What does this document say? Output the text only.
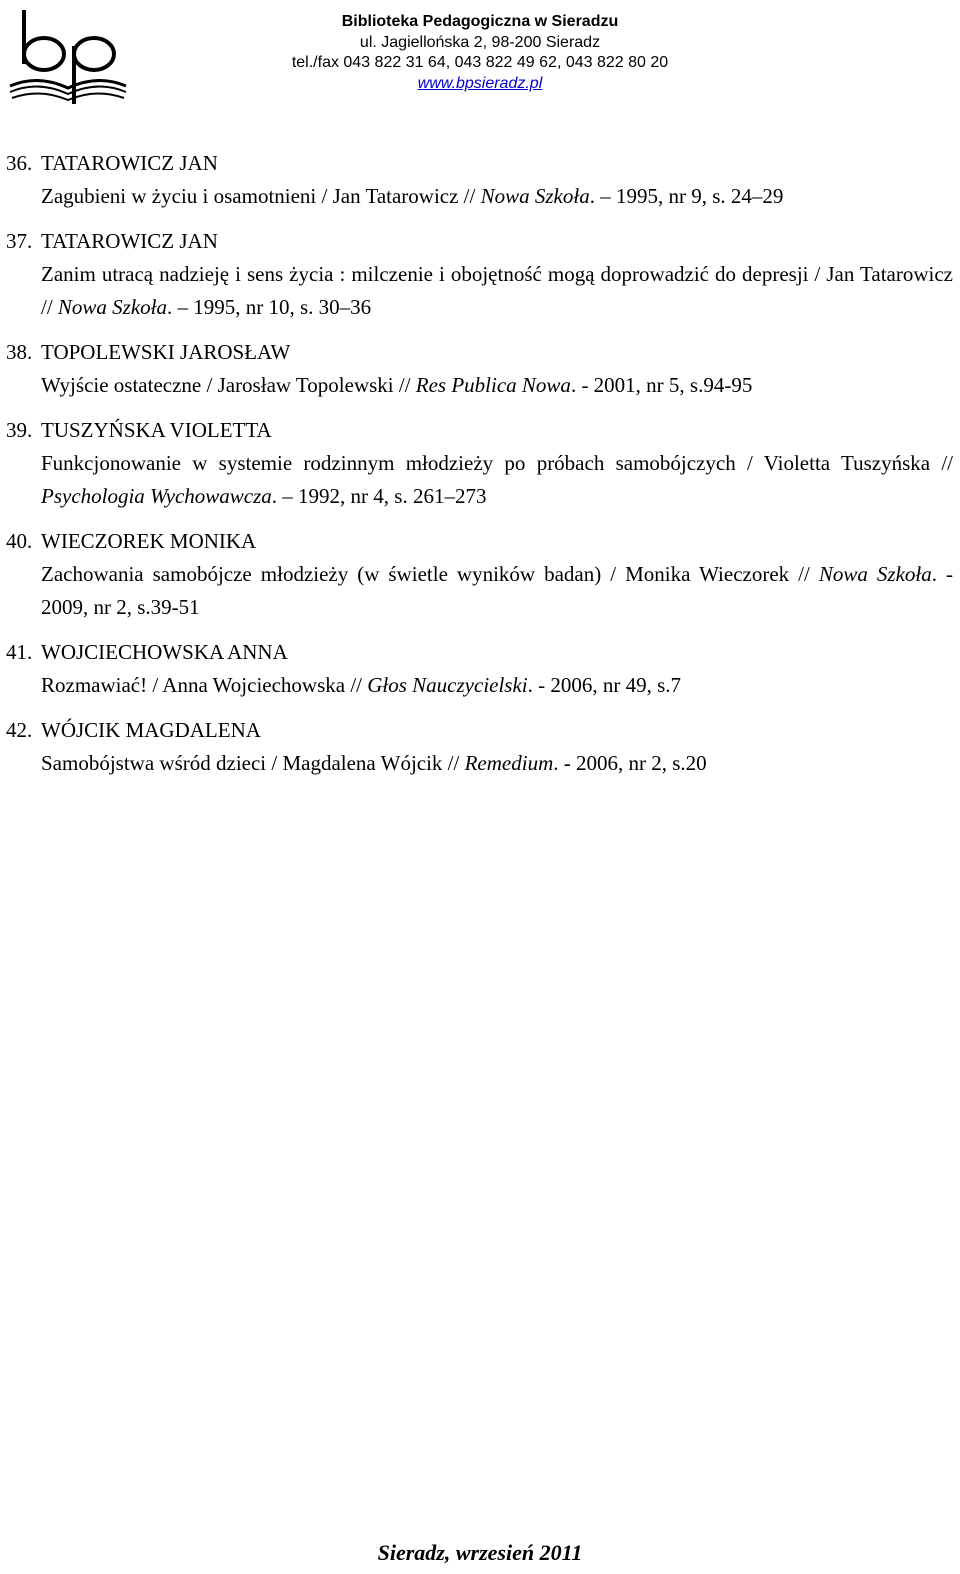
Biblioteka Pedagogiczna w Sieradzu
ul. Jagiellońska 2, 98-200 Sieradz
tel./fax 043 822 31 64, 043 822 49 62, 043 822 80 20
www.bpsieradz.pl
36. TATAROWICZ JAN
Zagubieni w życiu i osamotnieni / Jan Tatarowicz // Nowa Szkoła. – 1995, nr 9, s. 24–29
37. TATAROWICZ JAN
Zanim utracą nadzieję i sens życia : milczenie i obojętność mogą doprowadzić do depresji / Jan Tatarowicz // Nowa Szkoła. – 1995, nr 10, s. 30–36
38. TOPOLEWSKI JAROSŁAW
Wyjście ostateczne / Jarosław Topolewski // Res Publica Nowa. - 2001, nr 5, s.94-95
39. TUSZYŃSKA VIOLETTA
Funkcjonowanie w systemie rodzinnym młodzieży po próbach samobójczych / Violetta Tuszyńska // Psychologia Wychowawcza. – 1992, nr 4, s. 261–273
40. WIECZOREK MONIKA
Zachowania samobójcze młodzieży (w świetle wyników badan) / Monika Wieczorek // Nowa Szkoła. - 2009, nr 2, s.39-51
41. WOJCIECHOWSKA ANNA
Rozmawiać! / Anna Wojciechowska // Głos Nauczycielski. - 2006, nr 49, s.7
42. WÓJCIK MAGDALENA
Samobójstwa wśród dzieci / Magdalena Wójcik // Remedium. - 2006, nr 2, s.20
Sieradz, wrzesień 2011
